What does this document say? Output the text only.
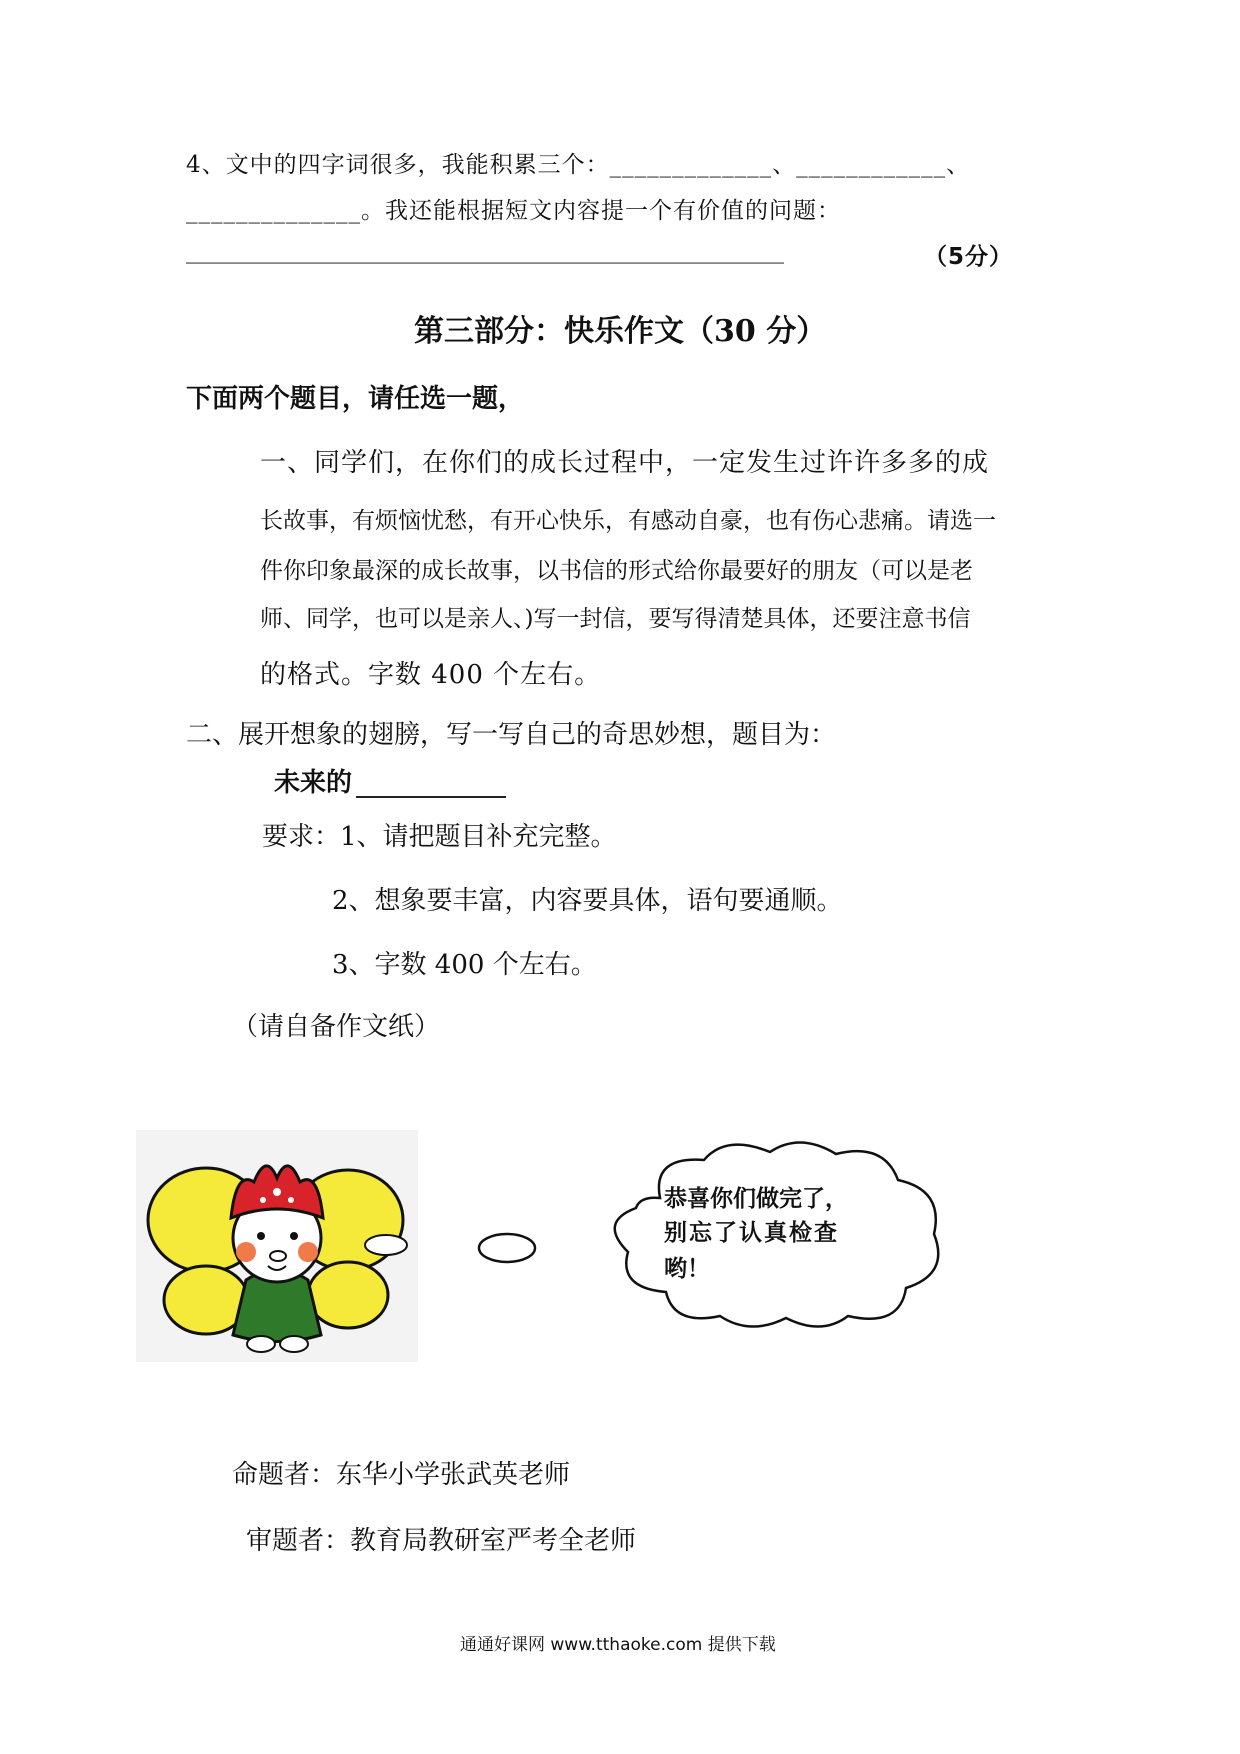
4、文中的四字词很多，我能积累三个：_____________、____________、
______________。我还能根据短文内容提一个有价值的问题：
____________________________________________________	（5分）
第三部分：快乐作文（30 分）
下面两个题目，请任选一题，
一、同学们，在你们的成长过程中，一定发生过许许多多的成
长故事，有烦恼忧愁，有开心快乐，有感动自豪，也有伤心悲痛。请选一
件你印象最深的成长故事，以书信的形式给你最要好的朋友（可以是老
师、同学，也可以是亲人、)写一封信，要写得清楚具体，还要注意书信
的格式。字数 400 个左右。
二、展开想象的翅膀，写一写自己的奇思妙想，题目为：
未来的
要求：1、请把题目补充完整。
2、想象要丰富，内容要具体，语句要通顺。
3、字数 400 个左右。
（请自备作文纸）
恭喜你们做完了，
别忘了认真检查
哟！
命题者：东华小学张武英老师
审题者：教育局教研室严考全老师
通通好课网 www.tthaoke.com 提供下载
